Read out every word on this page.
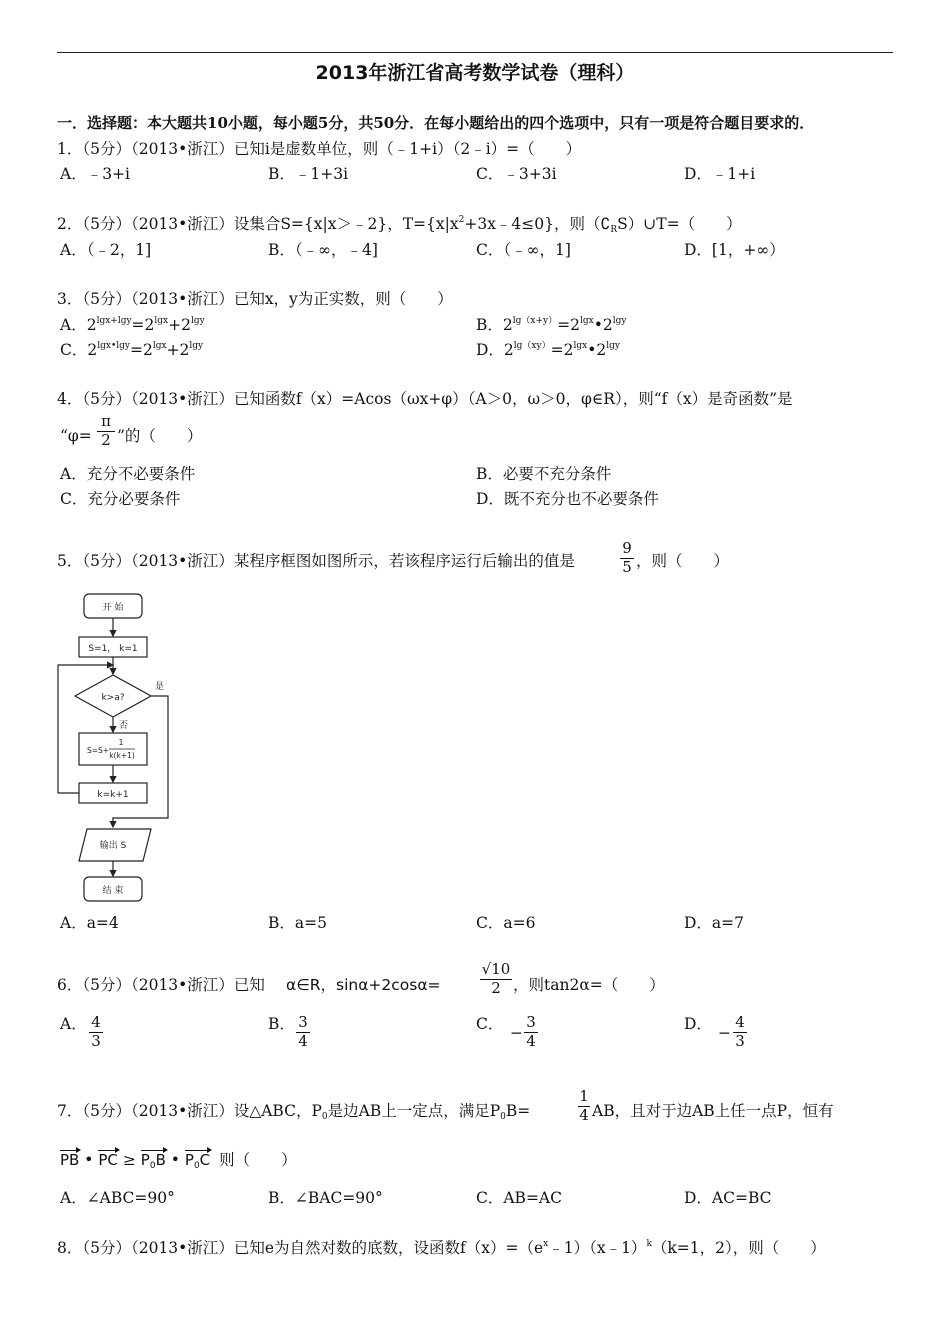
2013年浙江省高考数学试卷（理科）
一．选择题：本大题共10小题，每小题5分，共50分．在每小题给出的四个选项中，只有一项是符合题目要求的．
1．（5分）（2013•浙江）已知i是虚数单位，则（﹣1+i）（2﹣i）=（　　）
A．﹣3+i	B．﹣1+3i	C．﹣3+3i	D．﹣1+i
2．（5分）（2013•浙江）设集合S={x|x＞﹣2}，$T=\{x|x^2+3x﹣4\le 0\}$，则$(∁_RS)\cup T=$（　　）
A．（﹣2，1]	B．（﹣∞，﹣4]	C．（﹣∞，1]	D．[1，+∞）
3．（5分）（2013•浙江）已知x，y为正实数，则（　　）
A．$2^{lgx+lgy}=2^{lgx}+2^{lgy}$	B．$2^{lg(x+y)}=2^{lgx}•2^{lgy}$
C．$2^{lgx•lgy}=2^{lgx}+2^{lgy}$	D．$2^{lg(xy)}=2^{lgx}•2^{lgy}$
4．（5分）（2013•浙江）已知函数f（x）=Acos（ωx+φ）（A＞0，ω＞0，φ∈R），则“f（x）是奇函数”是
“φ=
π
2 ”的（　　）
A．充分不必要条件	B．必要不充分条件
C．充分必要条件	D．既不充分也不必要条件
5．（5分）（2013•浙江）某程序框图如图所示，若该程序运行后输出的值是
9
5 ，则（　　）
开 始
S=1， k=1
k>a?
是
否
S=S+
1
k(k+1)
k=k+1
输出 S
结 束
A．a=4	B．a=5	C．a=6	D．a=7
6．（5分）（2013•浙江）已知 α∈R，sinα+2cosα=
√10
2 ，则tan2α=（　　）
A． 4
3
B． 3
4
C． −
3
4
D． −
4
3
7．（5分）（2013•浙江）设△ABC，$P_0$是边AB上一定点，满足$P_0B=$
1
4 AB，且对于边AB上任一点P，恒有
PB • PC ≥ $P_0B$ • $P_0C$ 则（　　）
A．∠ABC=90°	B．∠BAC=90°	C．AB=AC	D．AC=BC
8．（5分）（2013•浙江）已知e为自然对数的底数，设函数$f(x)=(e^x﹣1)(x﹣1)^k(k=1$，2），则（　　）
